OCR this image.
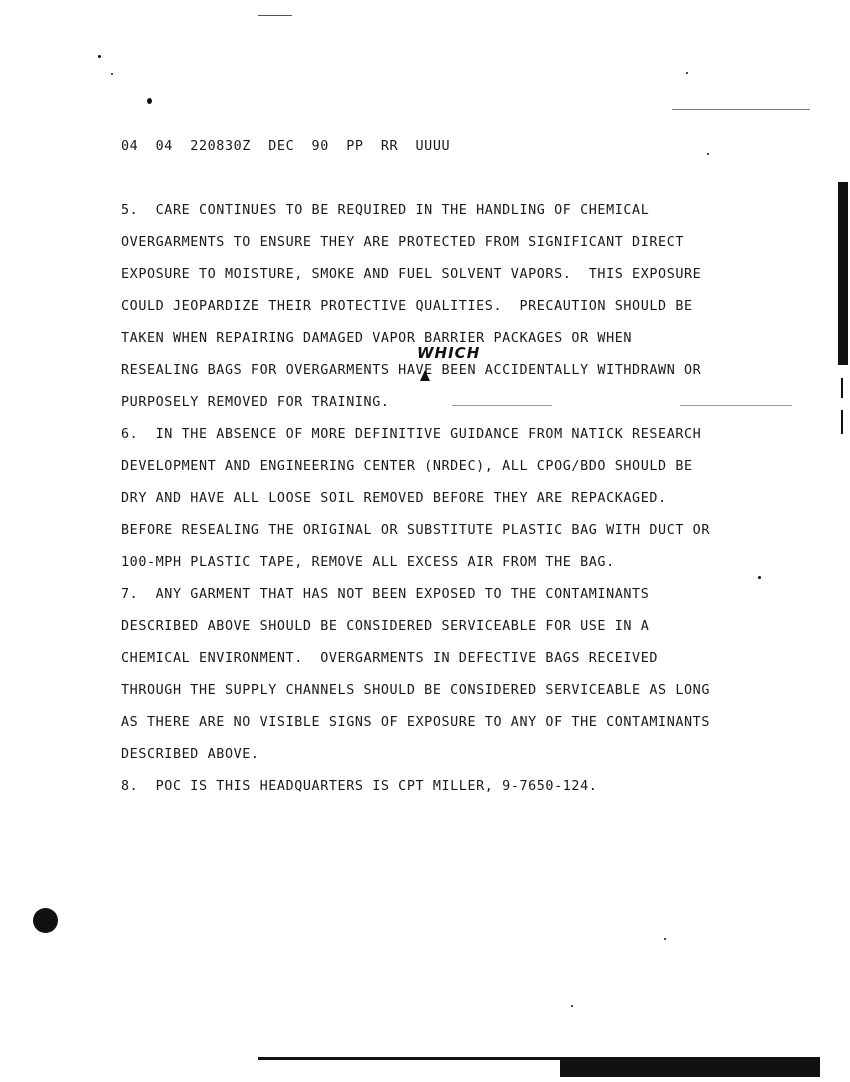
04  04  220830Z  DEC  90  PP  RR  UUUU
5.  CARE CONTINUES TO BE REQUIRED IN THE HANDLING OF CHEMICAL
OVERGARMENTS TO ENSURE THEY ARE PROTECTED FROM SIGNIFICANT DIRECT
EXPOSURE TO MOISTURE, SMOKE AND FUEL SOLVENT VAPORS.  THIS EXPOSURE
COULD JEOPARDIZE THEIR PROTECTIVE QUALITIES.  PRECAUTION SHOULD BE
TAKEN WHEN REPAIRING DAMAGED VAPOR BARRIER PACKAGES OR WHEN
RESEALING BAGS FOR OVERGARMENTS HAVE BEEN ACCIDENTALLY WITHDRAWN OR
PURPOSELY REMOVED FOR TRAINING.
6.  IN THE ABSENCE OF MORE DEFINITIVE GUIDANCE FROM NATICK RESEARCH
DEVELOPMENT AND ENGINEERING CENTER (NRDEC), ALL CPOG/BDO SHOULD BE
DRY AND HAVE ALL LOOSE SOIL REMOVED BEFORE THEY ARE REPACKAGED.
BEFORE RESEALING THE ORIGINAL OR SUBSTITUTE PLASTIC BAG WITH DUCT OR
100-MPH PLASTIC TAPE, REMOVE ALL EXCESS AIR FROM THE BAG.
7.  ANY GARMENT THAT HAS NOT BEEN EXPOSED TO THE CONTAMINANTS
DESCRIBED ABOVE SHOULD BE CONSIDERED SERVICEABLE FOR USE IN A
CHEMICAL ENVIRONMENT.  OVERGARMENTS IN DEFECTIVE BAGS RECEIVED
THROUGH THE SUPPLY CHANNELS SHOULD BE CONSIDERED SERVICEABLE AS LONG
AS THERE ARE NO VISIBLE SIGNS OF EXPOSURE TO ANY OF THE CONTAMINANTS
DESCRIBED ABOVE.
8.  POC IS THIS HEADQUARTERS IS CPT MILLER, 9-7650-124.
WHICH
